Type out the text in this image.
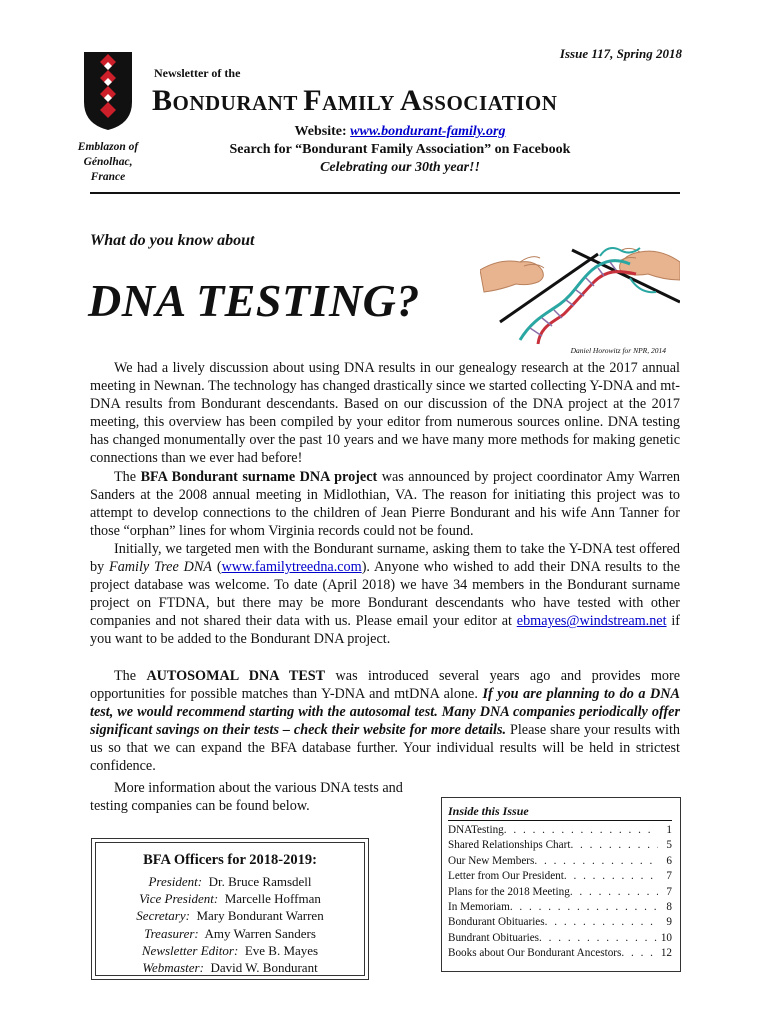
Issue 117, Spring 2018
Newsletter of the
Emblazon of
Génolhac,
France
BONDURANT FAMILY ASSOCIATION
Website: www.bondurant-family.org
Search for “Bondurant Family Association” on Facebook
Celebrating our 30th year!!
What do you know about
DNA TESTING?
Daniel Horowitz for NPR, 2014

We had a lively discussion about using DNA results in our genealogy research at the 2017 annual meeting in Newnan. The technology has changed drastically since we started collecting Y-DNA and mt-DNA results from Bondurant descendants. Based on our discussion of the DNA project at the 2017 meeting, this overview has been compiled by your editor from numerous sources online. DNA testing has changed monumentally over the past 10 years and we have many more methods for making genetic connections than we ever had before!

The BFA Bondurant surname DNA project was announced by project coordinator Amy Warren Sanders at the 2008 annual meeting in Midlothian, VA. The reason for initiating this project was to attempt to develop connections to the children of Jean Pierre Bondurant and his wife Ann Tanner for those “orphan” lines for whom Virginia records could not be found.

Initially, we targeted men with the Bondurant surname, asking them to take the Y-DNA test offered by Family Tree DNA (www.familytreedna.com). Anyone who wished to add their DNA results to the project database was welcome. To date (April 2018) we have 34 members in the Bondurant surname project on FTDNA, but there may be more Bondurant descendants who have tested with other companies and not shared their data with us. Please email your editor at ebmayes@windstream.net if you want to be added to the Bondurant DNA project.

The AUTOSOMAL DNA TEST was introduced several years ago and provides more opportunities for possible matches than Y-DNA and mtDNA alone. If you are planning to do a DNA test, we would recommend starting with the autosomal test. Many DNA companies periodically offer significant savings on their tests – check their website for more details. Please share your results with us so that we can expand the BFA database further. Your individual results will be held in strictest confidence.

More information about the various DNA tests and testing companies can be found below.

BFA Officers for 2018-2019:
President: Dr. Bruce Ramsdell
Vice President: Marcelle Hoffman
Secretary: Mary Bondurant Warren
Treasurer: Amy Warren Sanders
Newsletter Editor: Eve B. Mayes
Webmaster: David W. Bondurant
Inside this Issue
DNATesting . . .	1
Shared Relationships Chart . . .	5
Our New Members . . .	6
Letter from Our President . . .	7
Plans for the 2018 Meeting . . .	7
In Memoriam . . .	8
Bondurant Obituaries . . .	9
Bundrant Obituaries . . .	10
Books about Our Bondurant Ancestors . . .	12
